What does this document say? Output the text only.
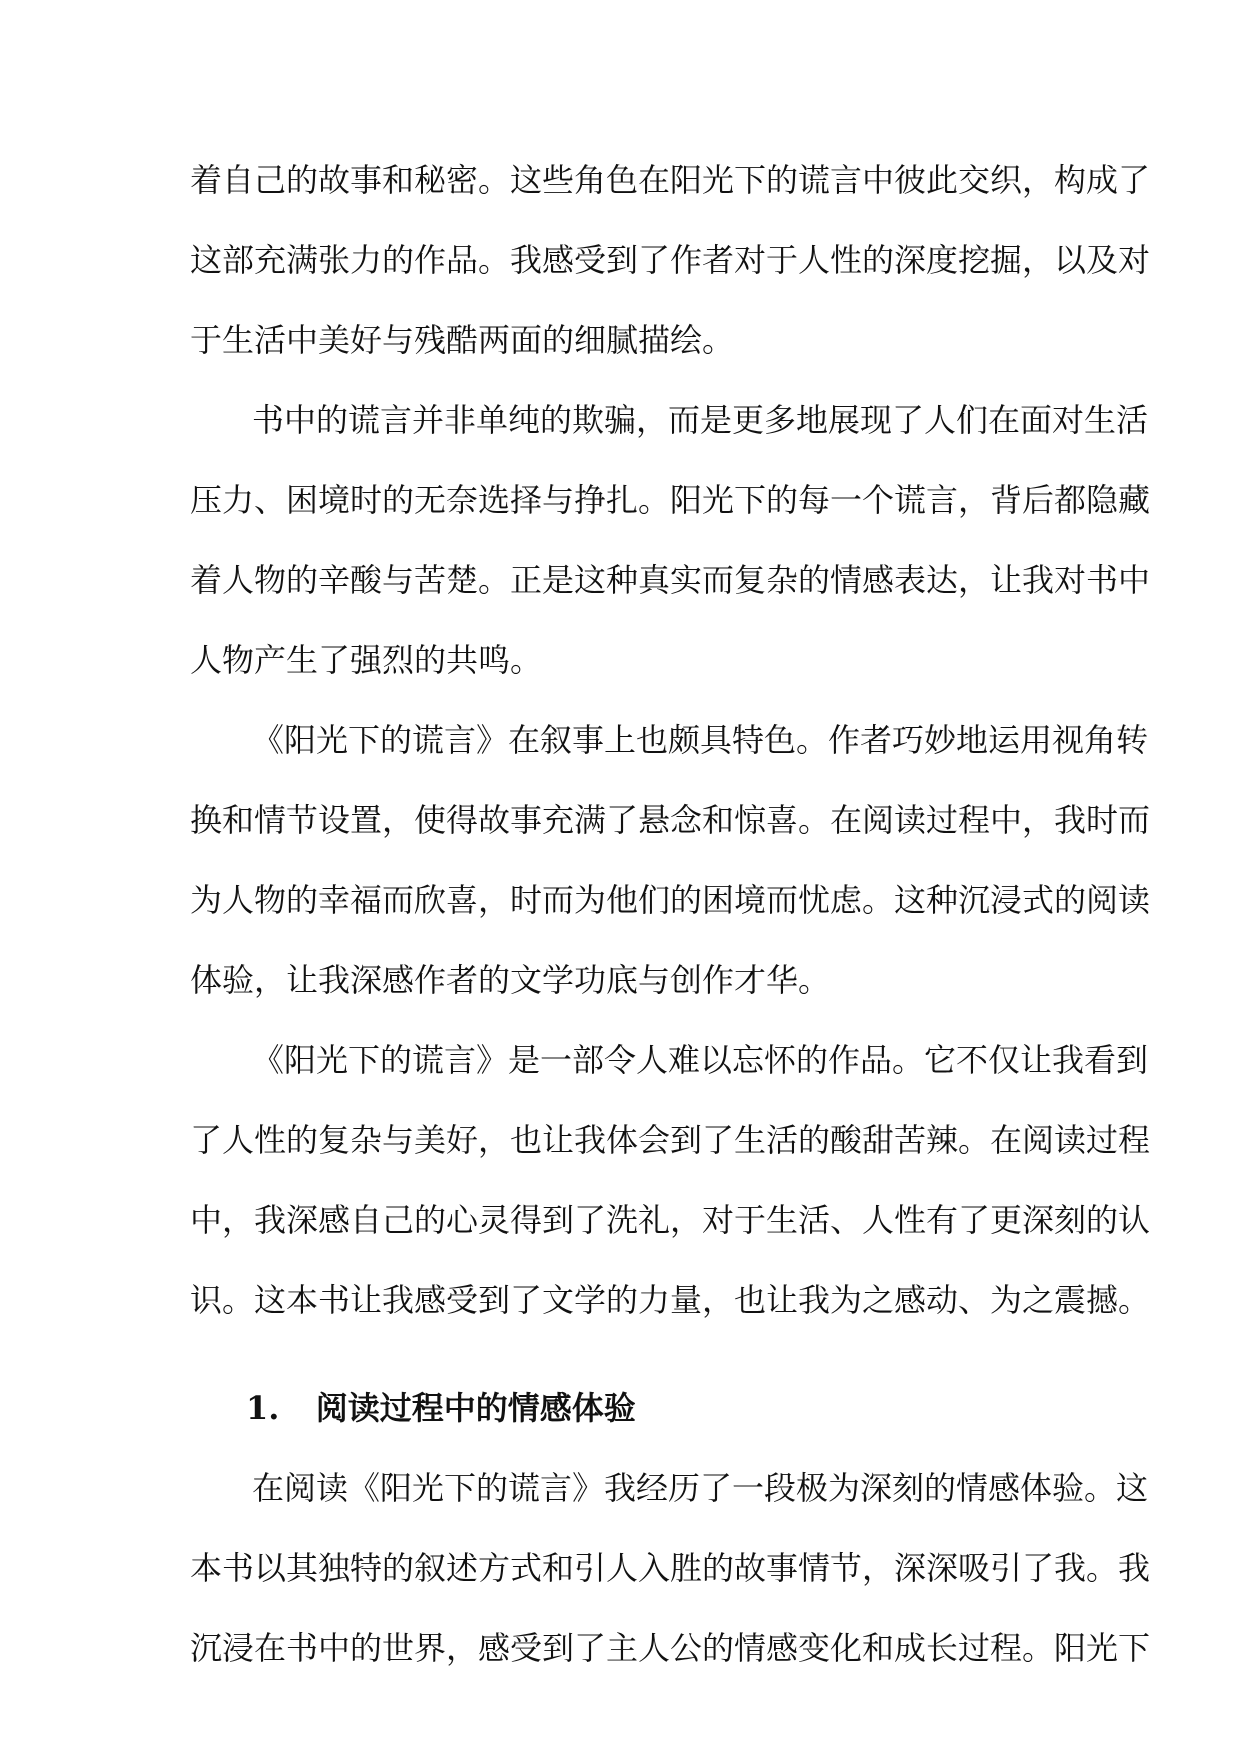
着自己的故事和秘密。这些角色在阳光下的谎言中彼此交织，构成了
这部充满张力的作品。我感受到了作者对于人性的深度挖掘，以及对
于生活中美好与残酷两面的细腻描绘。
书中的谎言并非单纯的欺骗，而是更多地展现了人们在面对生活
压力、困境时的无奈选择与挣扎。阳光下的每一个谎言，背后都隐藏
着人物的辛酸与苦楚。正是这种真实而复杂的情感表达，让我对书中
人物产生了强烈的共鸣。
《阳光下的谎言》在叙事上也颇具特色。作者巧妙地运用视角转
换和情节设置，使得故事充满了悬念和惊喜。在阅读过程中，我时而
为人物的幸福而欣喜，时而为他们的困境而忧虑。这种沉浸式的阅读
体验，让我深感作者的文学功底与创作才华。
《阳光下的谎言》是一部令人难以忘怀的作品。它不仅让我看到
了人性的复杂与美好，也让我体会到了生活的酸甜苦辣。在阅读过程
中，我深感自己的心灵得到了洗礼，对于生活、人性有了更深刻的认
识。这本书让我感受到了文学的力量，也让我为之感动、为之震撼。
1. 阅读过程中的情感体验
在阅读《阳光下的谎言》我经历了一段极为深刻的情感体验。这
本书以其独特的叙述方式和引人入胜的故事情节，深深吸引了我。我
沉浸在书中的世界，感受到了主人公的情感变化和成长过程。阳光下
